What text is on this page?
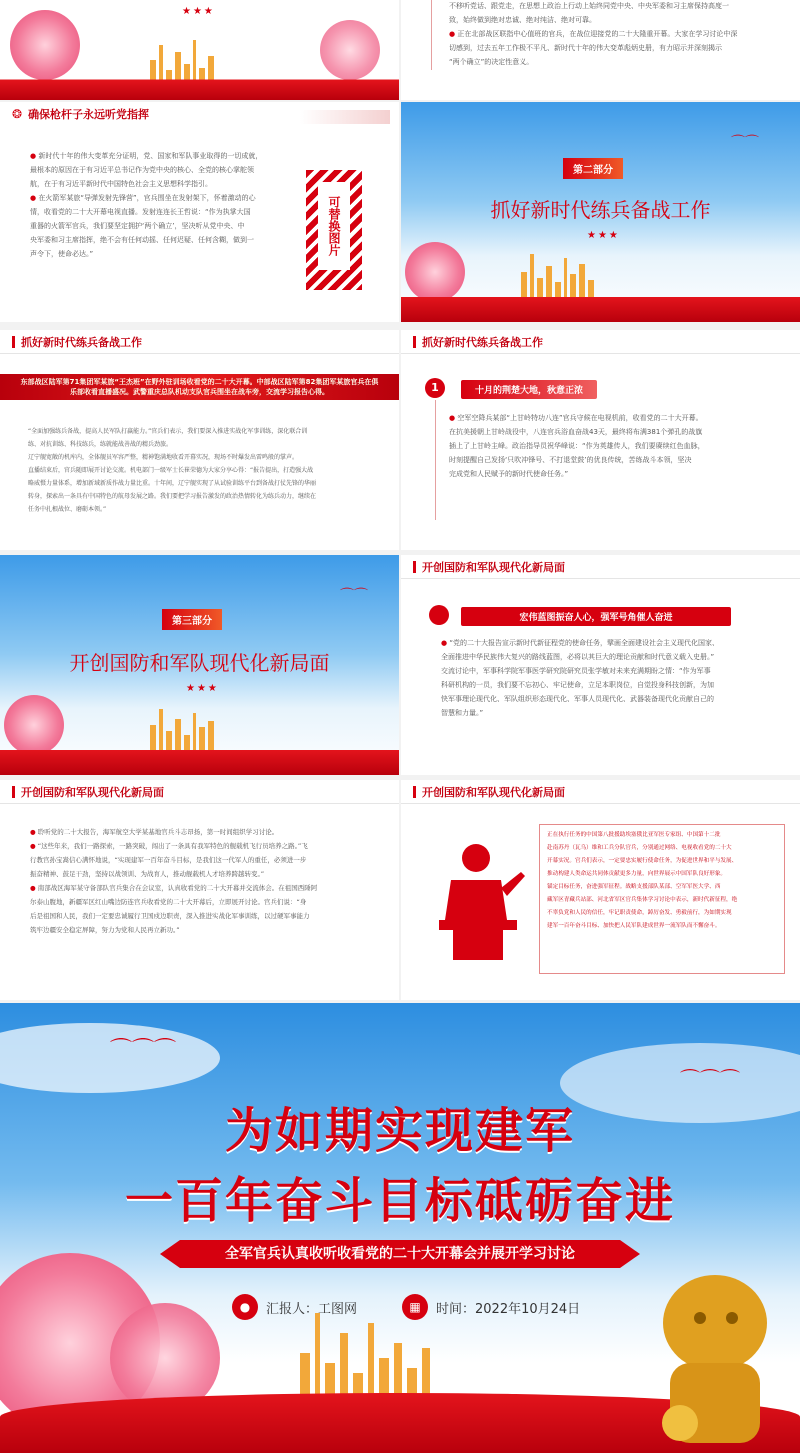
★★★	不移听党话、跟党走，在思想上政治上行动上始终同党中央、中央军委和习主席保持高度一

致，始终做到绝对忠诚、绝对纯洁、绝对可靠。

● 正在北部战区联指中心值班的官兵，在战位迎接党的二十大隆重开幕。大家在学习讨论中深

切感到，过去五年工作极不平凡、新时代十年的伟大变革彪炳史册，有力昭示并深刻揭示

“两个确立”的决定性意义。

❂ 确保枪杆子永远听党指挥

● 新时代十年的伟大变革充分证明，党、国家和军队事业取得的一切成就，

最根本的原因在于有习近平总书记作为党中央的核心、全党的核心掌舵领

航，在于有习近平新时代中国特色社会主义思想科学指引。

● 在火箭军某旅“导弹发射先锋营”，官兵围坐在发射架下，怀着激动的心

情，收看党的二十大开幕电视直播。发射连连长王哲说：“作为执掌大国

重器的火箭军官兵，我们要坚定拥护‘两个确立’，坚决听从党中央、中

央军委和习主席指挥，绝不会有任何动摇、任何迟疑、任何含糊，做到一

声令下，使命必达。”	可替换图片
⌒⌒
第二部分
抓好新时代练兵备战工作
★★★
抓好新时代练兵备战工作
东部战区陆军第71集团军某旅“王杰班”在野外驻训场收看党的二十大开幕。中部战区陆军第82集团军某旅官兵在俱乐部收看直播盛况。武警重庆总队机动支队官兵围坐在战车旁，交流学习报告心得。

“全面加强练兵备战，提高人民军队打赢能力。”官兵们表示，我们要深入推进实战化军事训练，深化联合训

练、对抗训练、科技练兵，练就能战善战的精兵劲旅。

辽宁舰宽敞的机库内，全体舰员军容严整，精神饱满地收看开幕实况，现场不时爆发出雷鸣般的掌声。

直播结束后，官兵随即展开讨论交流。机电部门一级军士长崔荣德为大家分享心得：“报告提出，打造强大战

略威慑力量体系，增加新域新质作战力量比重。十年间，辽宁舰实现了从试验训练平台到备战打仗先锋的华丽

转身，探索出一条具有中国特色的航母发展之路。我们要把学习报告激发的政治热情转化为练兵动力，继续在

任务中扎根战位、磨砺本领。”

抓好新时代练兵备战工作
1	十月的荆楚大地，秋意正浓

● 空军空降兵某部“上甘岭特功八连”官兵守候在电视机前，收看党的二十大开幕。

在抗美援朝上甘岭战役中，八连官兵浴血奋战43天，最终将布满381个弹孔的战旗

插上了上甘岭主峰。政治指导员祝华峰说：“作为英雄传人，我们要赓续红色血脉，

时刻提醒自己发扬‘只吹冲锋号、不打退堂鼓’的优良传统，苦练战斗本领，坚决

完成党和人民赋予的新时代使命任务。”

⌒⌒
第三部分
开创国防和军队现代化新局面
★★★
开创国防和军队现代化新局面
宏伟蓝图振奋人心，强军号角催人奋进

● “党的二十大报告宣示新时代新征程党的使命任务，擘画全面建设社会主义现代化国家、

全面推进中华民族伟大复兴的路线蓝图，必将以其巨大的理论贡献和时代意义载入史册。”

交流讨论中，军事科学院军事医学研究院研究员张学敏对未来充满期盼之情：“作为军事

科研机构的一员，我们要不忘初心、牢记使命，立足本职岗位，自觉投身科技创新，为加

快军事理论现代化、军队组织形态现代化、军事人员现代化、武器装备现代化贡献自己的

智慧和力量。”

开创国防和军队现代化新局面

● 聆听党的二十大报告，海军航空大学某基地官兵斗志昂扬，第一时间组织学习讨论。

● “这些年来，我们一路探索，一路突破，闯出了一条具有我军特色的舰载机飞行员培养之路。”飞

行教官孙宝嵩信心满怀地说，“实现建军一百年奋斗目标，是我们这一代军人的重任，必须进一步

振奋精神、鼓足干劲，坚持以战领训、为战育人，推动舰载机人才培养跨越转变。”

● 南部战区海军某守备部队官兵集合在会议室，认真收看党的二十大开幕并交流体会。在祖国西陲阿

尔泰山腹地，新疆军区红山嘴边防连官兵收看党的二十大开幕后，立即展开讨论。官兵们说：“身

后是祖国和人民，我们一定要忠诚履行卫国戍边职责，深入推进实战化军事训练，以过硬军事能力

筑牢边疆安全稳定屏障，努力为党和人民再立新功。”

开创国防和军队现代化新局面

正在执行任务的中国第八批援助埃塞俄比亚军医专家组、中国第十二批

赴南苏丹（瓦乌）维和工兵分队官兵，分别通过网络、电视收看党的二十大

开幕实况。官兵们表示，一定要忠实履行使命任务，为促进世界和平与发展、

推动构建人类命运共同体贡献更多力量，向世界展示中国军队良好形象。

锚定目标任务，奋进强军征程。战略支援部队某部、空军军医大学、西

藏军区青藏兵站部、河北省军区官兵集体学习讨论中表示，新时代新征程，绝

不辜负党和人民的信任，牢记职责使命，踔厉奋发、勇毅前行，为如期实现

建军一百年奋斗目标、加快把人民军队建成世界一流军队而不懈奋斗。

⌒⌒⌒
⌒⌒⌒
为如期实现建军
一百年奋斗目标砥砺奋进
全军官兵认真收听收看党的二十大开幕会并展开学习讨论
●	汇报人：工图网	▦	时间：2022年10月24日
